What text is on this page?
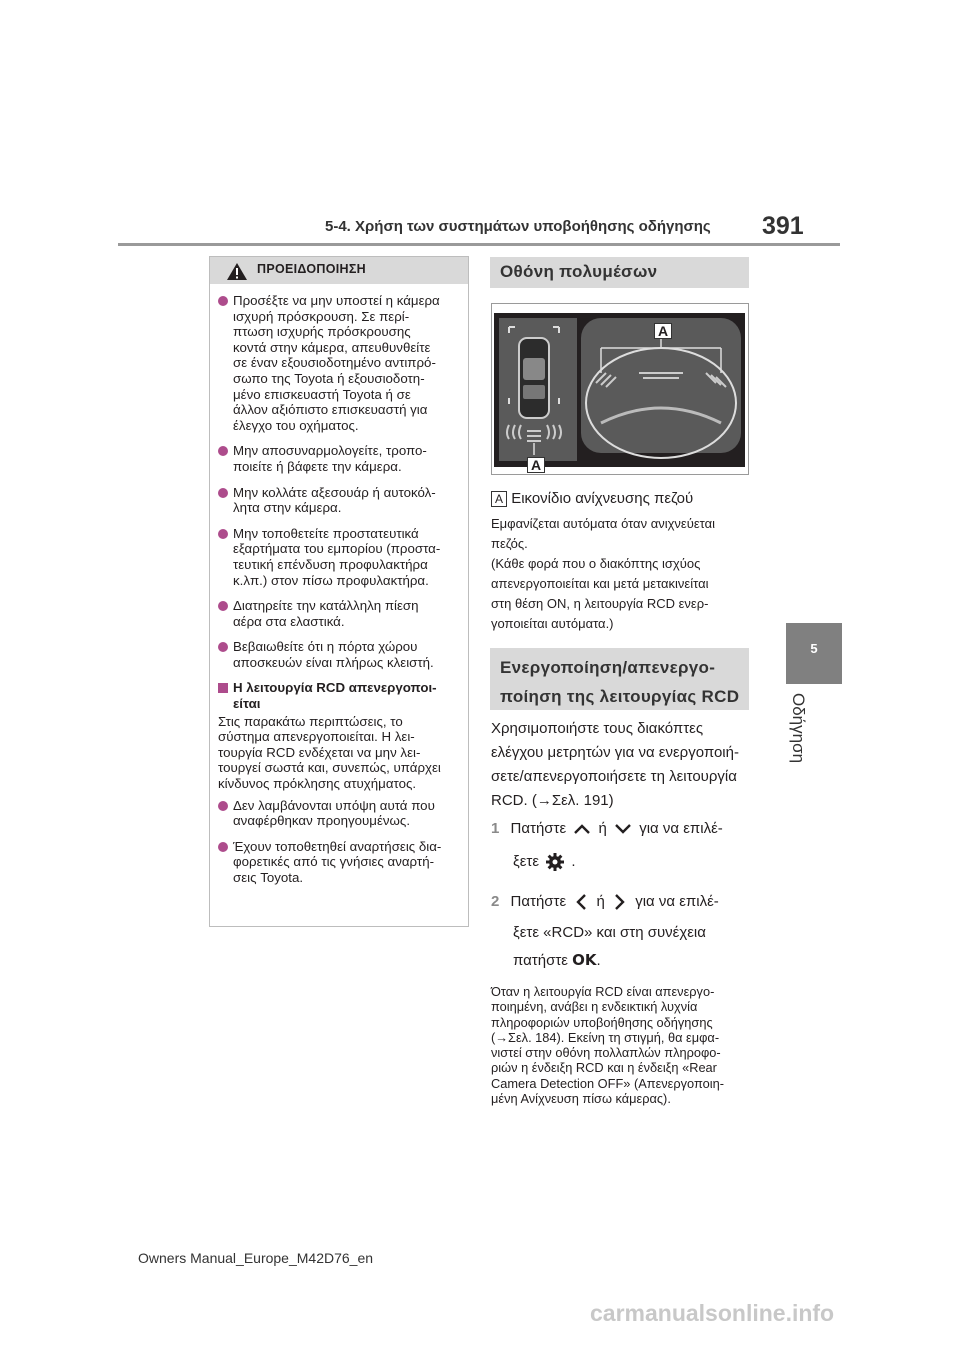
5-4. Χρήση των συστημάτων υποβοήθησης οδήγησης 391
5
Οδήγηση
ΠΡΟΕΙΔΟΠΟΙΗΣΗ
Προσέξτε να μην υποστεί η κάμερα
ισχυρή πρόσκρουση. Σε περί-
πτωση ισχυρής πρόσκρουσης
κοντά στην κάμερα, απευθυνθείτε
σε έναν εξουσιοδοτημένο αντιπρό-
σωπο της Toyota ή εξουσιοδοτη-
μένο επισκευαστή Toyota ή σε
άλλον αξιόπιστο επισκευαστή για
έλεγχο του οχήματος.
Μην αποσυναρμολογείτε, τροπο-
ποιείτε ή βάφετε την κάμερα.
Μην κολλάτε αξεσουάρ ή αυτοκόλ-
λητα στην κάμερα.
Μην τοποθετείτε προστατευτικά
εξαρτήματα του εμπορίου (προστα-
τευτική επένδυση προφυλακτήρα
κ.λπ.) στον πίσω προφυλακτήρα.
Διατηρείτε την κατάλληλη πίεση
αέρα στα ελαστικά.
Βεβαιωθείτε ότι η πόρτα χώρου
αποσκευών είναι πλήρως κλειστή.
Η λειτουργία RCD απενεργοποι-
είται
Στις παρακάτω περιπτώσεις, το
σύστημα απενεργοποιείται. Η λει-
τουργία RCD ενδέχεται να μην λει-
τουργεί σωστά και, συνεπώς, υπάρχει
κίνδυνος πρόκλησης ατυχήματος.
Δεν λαμβάνονται υπόψη αυτά που
αναφέρθηκαν προηγουμένως.
Έχουν τοποθετηθεί αναρτήσεις δια-
φορετικές από τις γνήσιες αναρτή-
σεις Toyota.
Οθόνη πολυμέσων
A
A
A Εικονίδιο ανίχνευσης πεζού
Εμφανίζεται αυτόματα όταν ανιχνεύεται
πεζός.
(Κάθε φορά που ο διακόπτης ισχύος
απενεργοποιείται και μετά μετακινείται
στη θέση ON, η λειτουργία RCD ενερ-
γοποιείται αυτόματα.)
Ενεργοποίηση/απενεργο-
ποίηση της λειτουργίας RCD
Χρησιμοποιήστε τους διακόπτες
ελέγχου μετρητών για να ενεργοποιή-
σετε/απενεργοποιήσετε τη λειτουργία
RCD. (→Σελ. 191)
1 Πατήστε ή για να επιλέ-
ξετε .
2 Πατήστε ή για να επιλέ-
ξετε «RCD» και στη συνέχεια
πατήστε OK.
Όταν η λειτουργία RCD είναι απενεργο-
ποιημένη, ανάβει η ενδεικτική λυχνία
πληροφοριών υποβοήθησης οδήγησης
(→Σελ. 184). Εκείνη τη στιγμή, θα εμφα-
νιστεί στην οθόνη πολλαπλών πληροφο-
ριών η ένδειξη RCD και η ένδειξη «Rear
Camera Detection OFF» (Απενεργοποιη-
μένη Ανίχνευση πίσω κάμερας).
Owners Manual_Europe_M42D76_en
carmanualsonline.info
